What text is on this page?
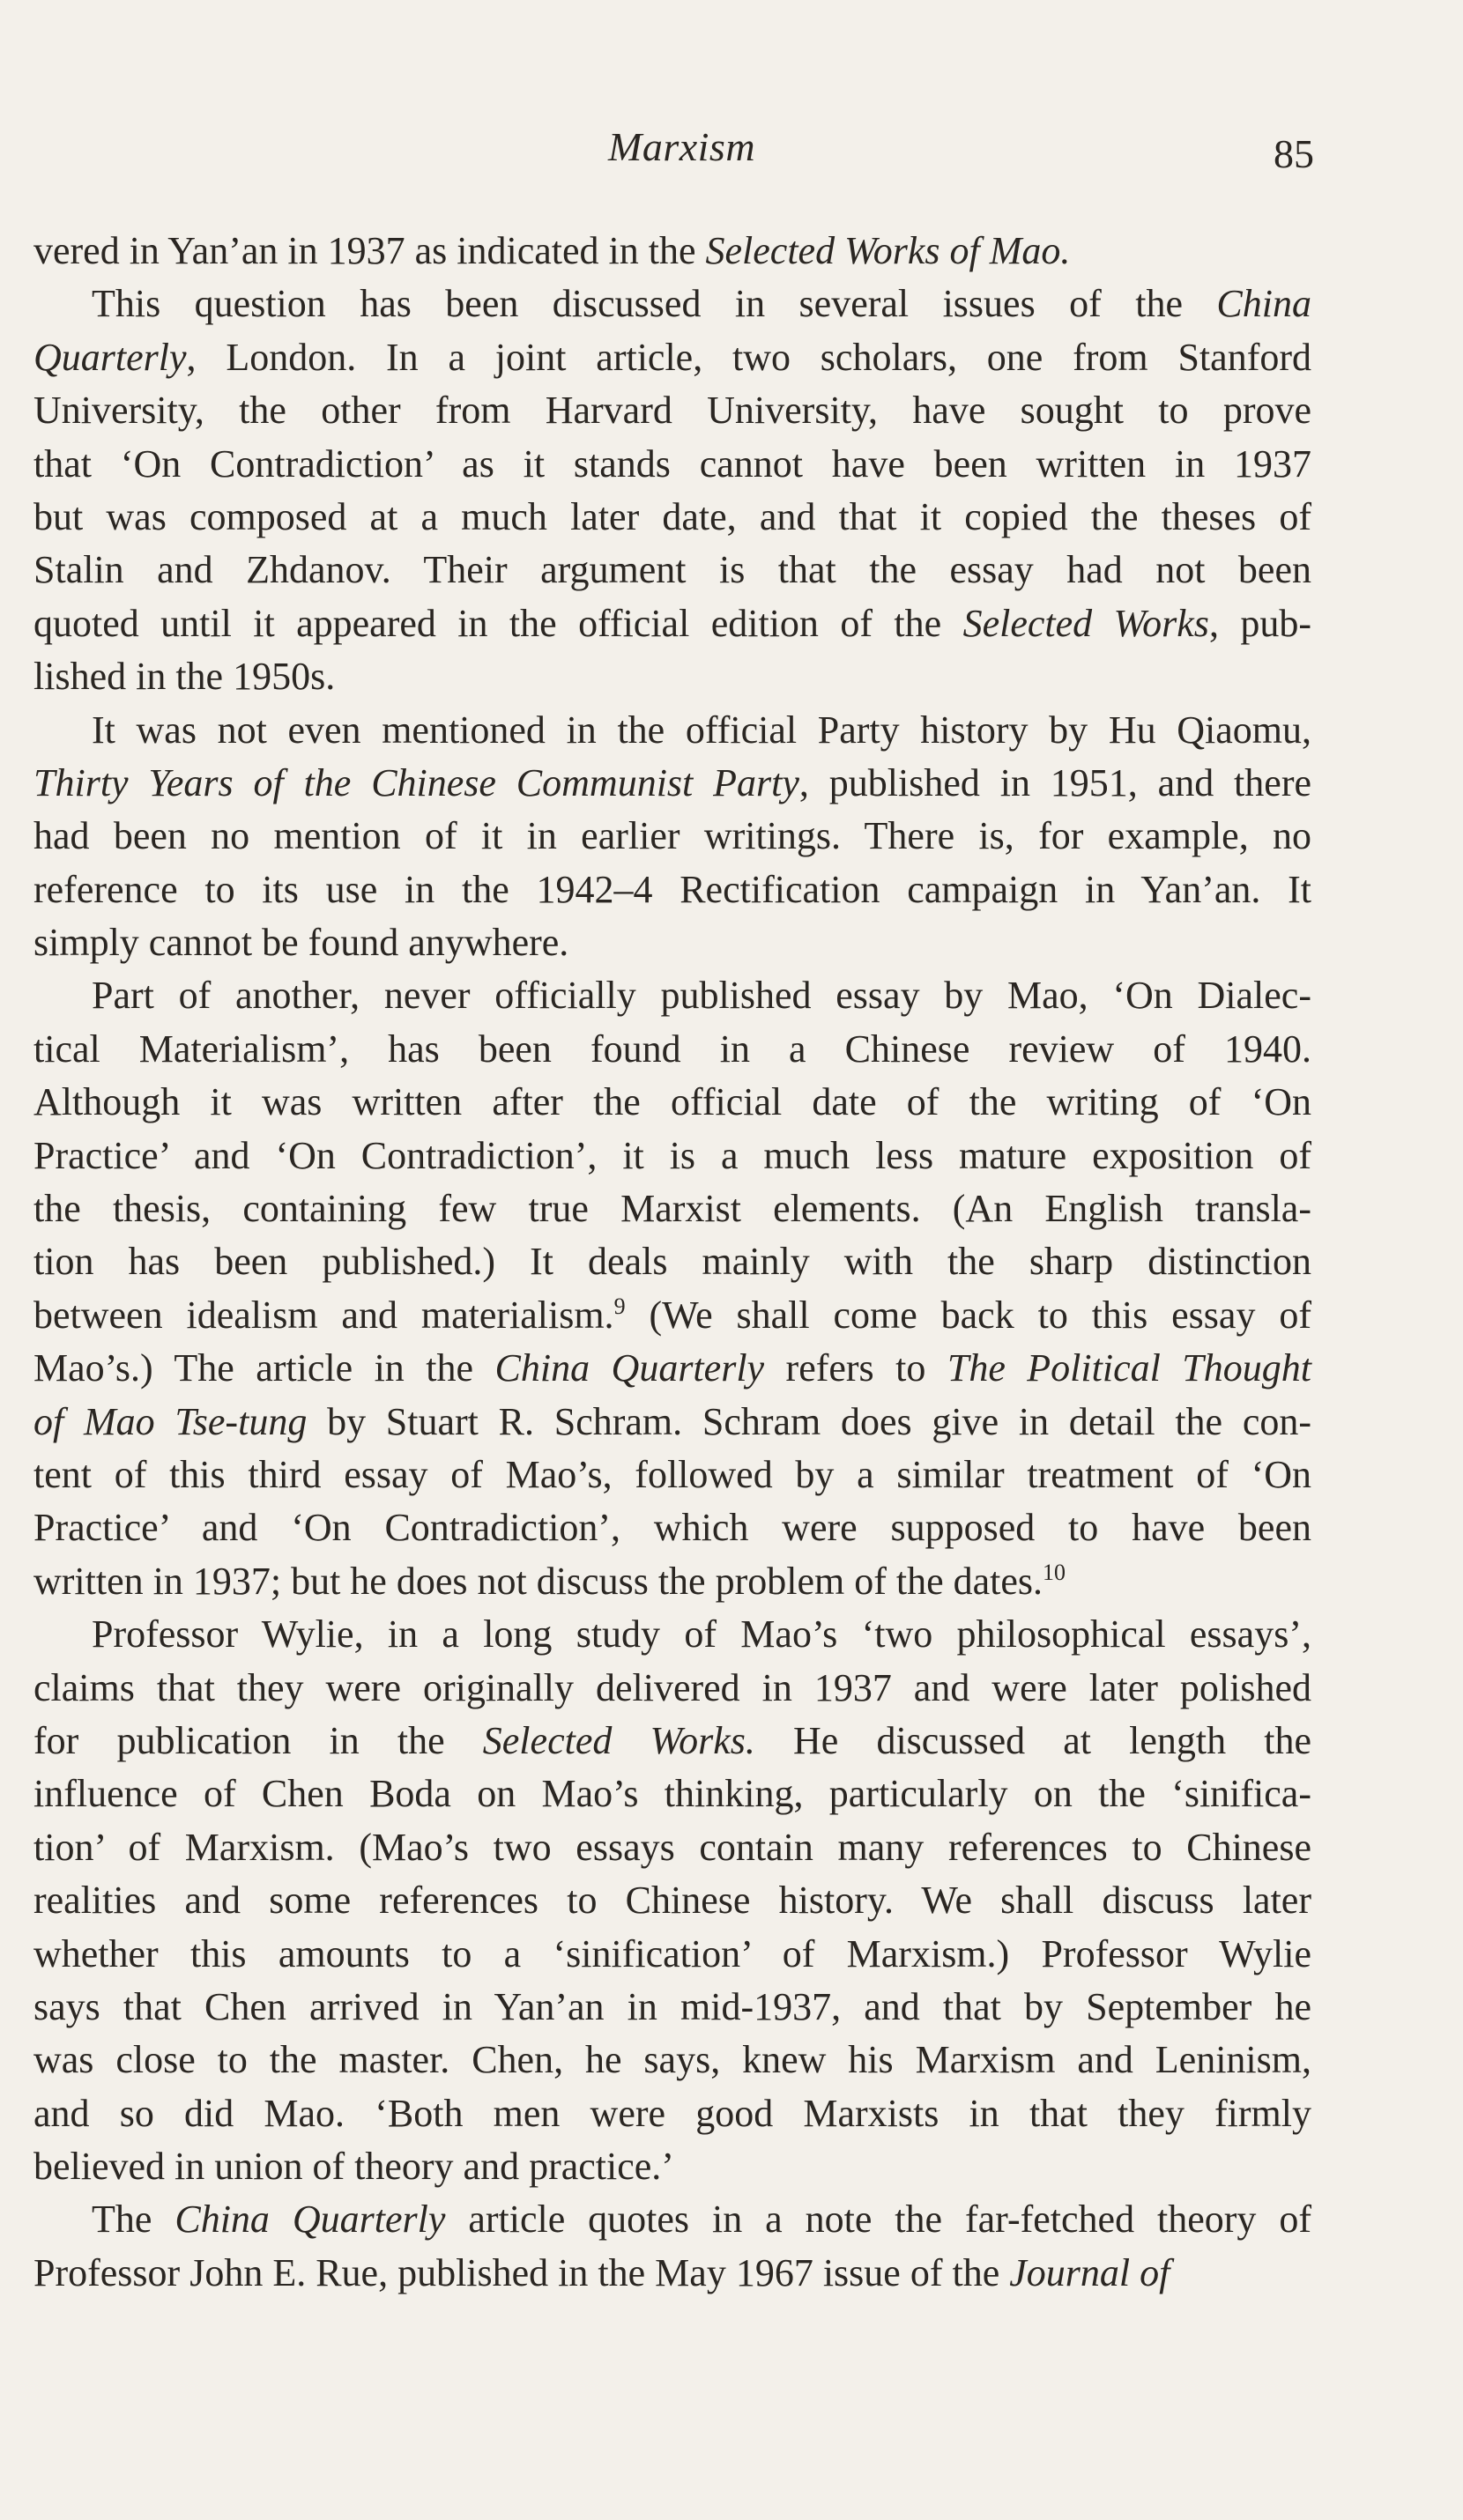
Marxism	85
vered in Yan’an in 1937 as indicated in the Selected Works of Mao.
This question has been discussed in several issues of the China
Quarterly, London. In a joint article, two scholars, one from Stanford
University, the other from Harvard University, have sought to prove
that ‘On Contradiction’ as it stands cannot have been written in 1937
but was composed at a much later date, and that it copied the theses of
Stalin and Zhdanov. Their argument is that the essay had not been
quoted until it appeared in the official edition of the Selected Works, pub-
lished in the 1950s.
It was not even mentioned in the official Party history by Hu Qiaomu,
Thirty Years of the Chinese Communist Party, published in 1951, and there
had been no mention of it in earlier writings. There is, for example, no
reference to its use in the 1942–4 Rectification campaign in Yan’an. It
simply cannot be found anywhere.
Part of another, never officially published essay by Mao, ‘On Dialec-
tical Materialism’, has been found in a Chinese review of 1940.
Although it was written after the official date of the writing of ‘On
Practice’ and ‘On Contradiction’, it is a much less mature exposition of
the thesis, containing few true Marxist elements. (An English transla-
tion has been published.) It deals mainly with the sharp distinction
between idealism and materialism.$^9$ (We shall come back to this essay of
Mao’s.) The article in the China Quarterly refers to The Political Thought
of Mao Tse-tung by Stuart R. Schram. Schram does give in detail the con-
tent of this third essay of Mao’s, followed by a similar treatment of ‘On
Practice’ and ‘On Contradiction’, which were supposed to have been
written in 1937; but he does not discuss the problem of the dates.$^{10}$
Professor Wylie, in a long study of Mao’s ‘two philosophical essays’,
claims that they were originally delivered in 1937 and were later polished
for publication in the Selected Works. He discussed at length the
influence of Chen Boda on Mao’s thinking, particularly on the ‘sinifica-
tion’ of Marxism. (Mao’s two essays contain many references to Chinese
realities and some references to Chinese history. We shall discuss later
whether this amounts to a ‘sinification’ of Marxism.) Professor Wylie
says that Chen arrived in Yan’an in mid-1937, and that by September he
was close to the master. Chen, he says, knew his Marxism and Leninism,
and so did Mao. ‘Both men were good Marxists in that they firmly
believed in union of theory and practice.’
The China Quarterly article quotes in a note the far-fetched theory of
Professor John E. Rue, published in the May 1967 issue of the Journal of
